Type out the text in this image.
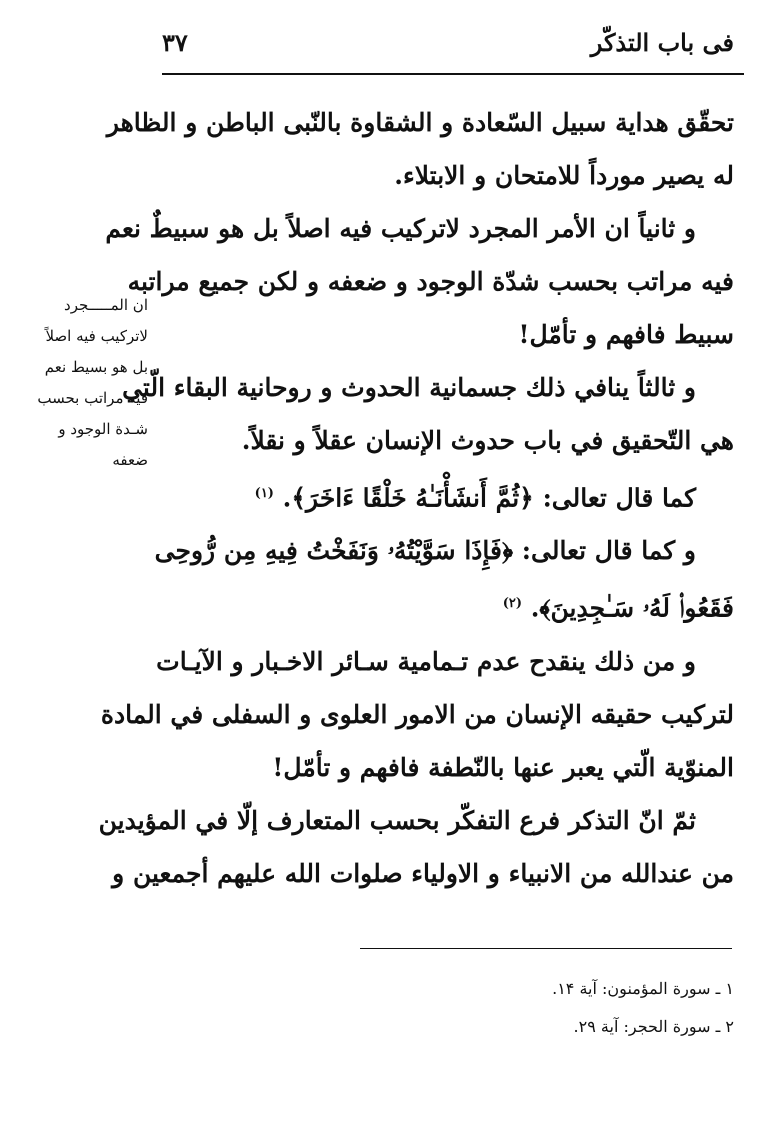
فى باب التذكّر
٣٧
ان المـــــجرد
لاتركيب فيه اصلاً
بل هو بسيط نعم
فيه مراتب بحسب
شـدة الوجود و
ضعفه
تحقّق هداية سبيل السّعادة و الشقاوة بالنّبى الباطن و الظاهر
له يصير مورداً للامتحان و الابتلاء.
و ثانياً ان الأمر المجرد لاتركيب فيه اصلاً بل هو سبيطٌ نعم
فيه مراتب بحسب شدّة الوجود و ضعفه و لكن جميع مراتبه
سبيط فافهم و تأمّل!
و ثالثاً ينافي ذلك جسمانية الحدوث و روحانية البقاء الّتي
هي التّحقيق في باب حدوث الإنسان عقلاً و نقلاً.
كما قال تعالى: ﴿ثُمَّ أَنشَأْنَـٰهُ خَلْقًا ءَاخَرَ﴾. $^{(١)}$
و كما قال تعالى: ﴿فَإِذَا سَوَّيْتُهُۥ وَنَفَخْتُ فِيهِ مِن رُّوحِى
فَقَعُوا۟ لَهُۥ سَـٰجِدِينَ﴾. $^{(٢)}$
و من ذلك ينقدح عدم تـمامية سـائر الاخـبار و الآيـات
لتركيب حقيقه الإنسان من الامور العلوى و السفلى في المادة
المنوّية الّتي يعبر عنها بالنّطفة فافهم و تأمّل!
ثمّ انّ التذكر فرع التفكّر بحسب المتعارف إلّا في المؤيدين
من عندالله من الانبياء و الاولياء صلوات الله عليهم أجمعين و
١ ـ سورة المؤمنون: آية ١۴.
٢ ـ سورة الحجر: آية ٢٩.
